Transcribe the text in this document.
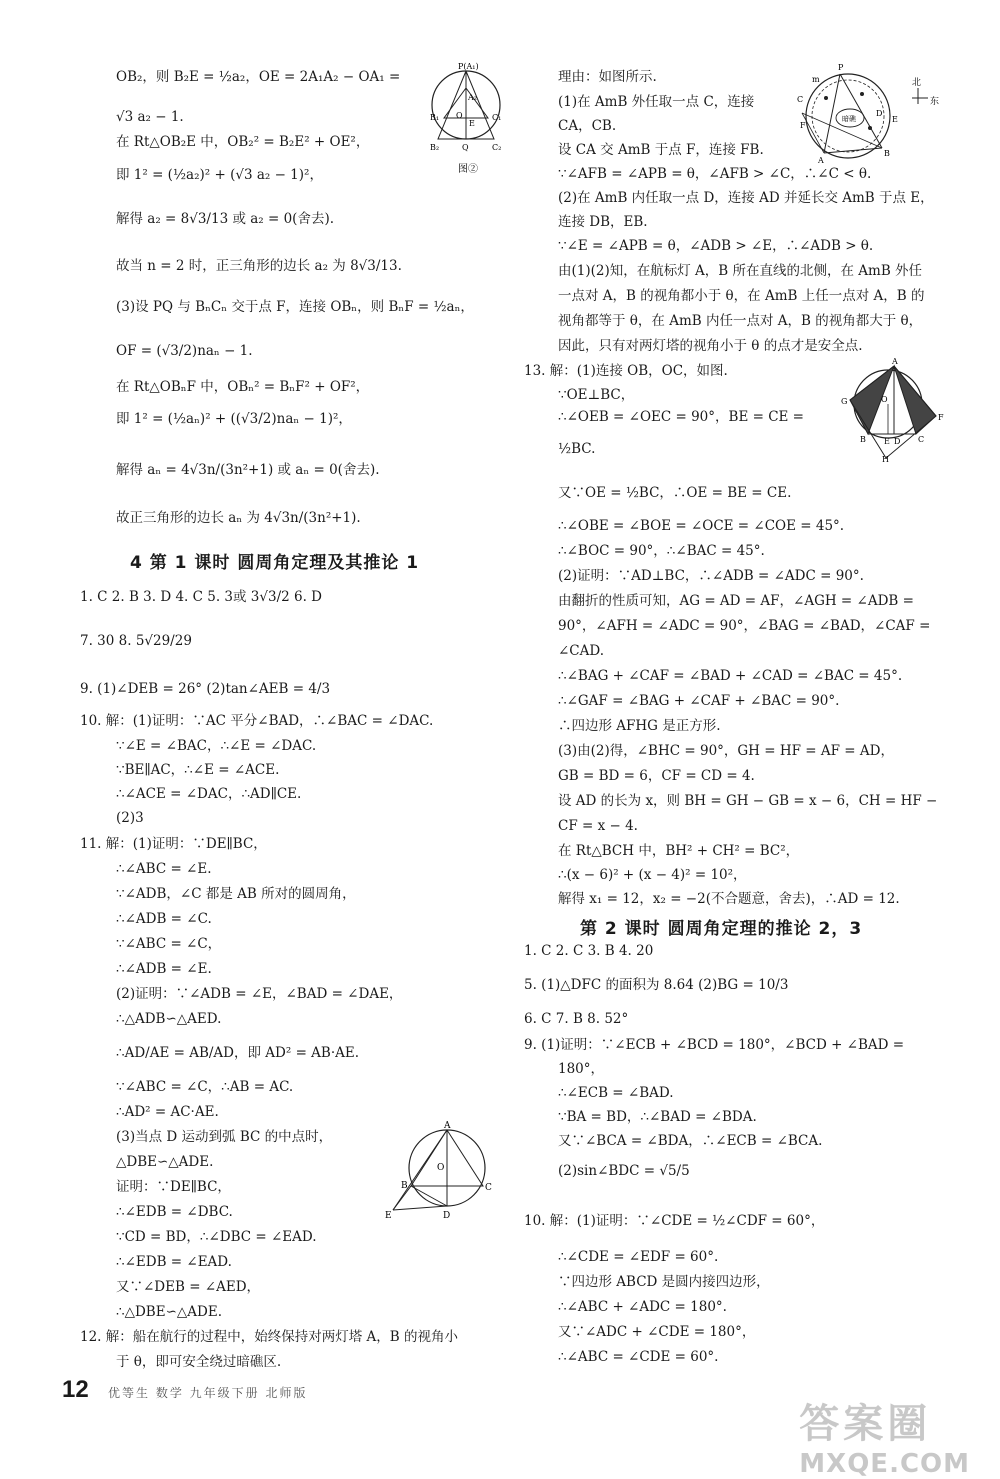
OB₂，则 B₂E = ½a₂，OE = 2A₁A₂ − OA₁ =
√3 a₂ − 1.
在 Rt△OB₂E 中，OB₂² = B₂E² + OE²，
即 1² = (½a₂)² + (√3 a₂ − 1)²，
解得 a₂ = 8√3/13 或 a₂ = 0(舍去).
故当 n = 2 时，正三角形的边长 a₂ 为 8√3/13.
(3)设 PQ 与 BₙCₙ 交于点 F，连接 OBₙ，则 BₙF = ½aₙ，
OF = (√3/2)naₙ − 1.
在 Rt△OBₙF 中，OBₙ² = BₙF² + OF²，
即 1² = (½aₙ)² + ((√3/2)naₙ − 1)²，
解得 aₙ = 4√3n/(3n²+1) 或 aₙ = 0(舍去).
故正三角形的边长 aₙ 为 4√3n/(3n²+1).
4 第 1 课时 圆周角定理及其推论 1
1. C 2. B 3. D 4. C 5. 3或 3√3/2 6. D
7. 30 8. 5√29/29
9. (1)∠DEB = 26° (2)tan∠AEB = 4/3
10. 解：(1)证明：∵AC 平分∠BAD，∴∠BAC = ∠DAC.
∵∠E = ∠BAC，∴∠E = ∠DAC.
∵BE∥AC，∴∠E = ∠ACE.
∴∠ACE = ∠DAC，∴AD∥CE.
(2)3
11. 解：(1)证明：∵DE∥BC，
∴∠ABC = ∠E.
∵∠ADB，∠C 都是 AB 所对的圆周角，
∴∠ADB = ∠C.
∵∠ABC = ∠C，
∴∠ADB = ∠E.
(2)证明：∵∠ADB = ∠E，∠BAD = ∠DAE，
∴△ADB∽△AED.
∴AD/AE = AB/AD，即 AD² = AB·AE.
∵∠ABC = ∠C，∴AB = AC.
∴AD² = AC·AE.
(3)当点 D 运动到弧 BC 的中点时，
△DBE∽△ADE.
证明：∵DE∥BC，
∴∠EDB = ∠DBC.
∵CD = BD，∴∠DBC = ∠EAD.
∴∠EDB = ∠EAD.
又∵∠DEB = ∠AED，
∴△DBE∽△ADE.
12. 解：船在航行的过程中，始终保持对两灯塔 A，B 的视角小
于 θ，即可安全绕过暗礁区.
P(A₁)
B₁	C₁
B₂	C₂
Q
O
E
A₂
图②
A
B	C
D
E
O
理由：如图所示.
(1)在 AmB 外任取一点 C，连接
CA，CB.
设 CA 交 AmB 于点 F，连接 FB.
∵∠AFB = ∠APB = θ，∠AFB > ∠C，∴∠C < θ.
(2)在 AmB 内任取一点 D，连接 AD 并延长交 AmB 于点 E，
连接 DB，EB.
∵∠E = ∠APB = θ，∠ADB > ∠E，∴∠ADB > θ.
由(1)(2)知，在航标灯 A，B 所在直线的北侧，在 AmB 外任
一点对 A，B 的视角都小于 θ，在 AmB 上任一点对 A，B 的
视角都等于 θ，在 AmB 内任一点对 A，B 的视角都大于 θ，
因此，只有对两灯塔的视角小于 θ 的点才是安全点.
13. 解：(1)连接 OB，OC，如图.
∵OE⊥BC，
∴∠OEB = ∠OEC = 90°，BE = CE =
½BC.
又∵OE = ½BC，∴OE = BE = CE.
∴∠OBE = ∠BOE = ∠OCE = ∠COE = 45°.
∴∠BOC = 90°，∴∠BAC = 45°.
(2)证明：∵AD⊥BC，∴∠ADB = ∠ADC = 90°.
由翻折的性质可知，AG = AD = AF，∠AGH = ∠ADB =
90°，∠AFH = ∠ADC = 90°，∠BAG = ∠BAD，∠CAF =
∠CAD.
∴∠BAG + ∠CAF = ∠BAD + ∠CAD = ∠BAC = 45°.
∴∠GAF = ∠BAG + ∠CAF + ∠BAC = 90°.
∴四边形 AFHG 是正方形.
(3)由(2)得，∠BHC = 90°，GH = HF = AF = AD，
GB = BD = 6，CF = CD = 4.
设 AD 的长为 x，则 BH = GH − GB = x − 6，CH = HF −
CF = x − 4.
在 Rt△BCH 中，BH² + CH² = BC²，
∴(x − 6)² + (x − 4)² = 10²，
解得 x₁ = 12，x₂ = −2(不合题意，舍去)，∴AD = 12.
第 2 课时 圆周角定理的推论 2，3
1. C 2. C 3. B 4. 20
5. (1)△DFC 的面积为 8.64 (2)BG = 10/3
6. C 7. B 8. 52°
9. (1)证明：∵∠ECB + ∠BCD = 180°，∠BCD + ∠BAD =
180°，
∴∠ECB = ∠BAD.
∵BA = BD，∴∠BAD = ∠BDA.
又∵∠BCA = ∠BDA，∴∠ECB = ∠BCA.
(2)sin∠BDC = √5/5
10. 解：(1)证明：∵∠CDE = ½∠CDF = 60°，
∴∠CDE = ∠EDF = 60°.
∵四边形 ABCD 是圆内接四边形，
∴∠ABC + ∠ADC = 180°.
又∵∠ADC + ∠CDE = 180°，
∴∠ABC = ∠CDE = 60°.
暗礁
P
m
C
F
A
B
D
E
北
东
A
G
F
B	C
H
O
E D
12 优等生 数学 九年级下册 北师版
答案圈
MXQE.COM
